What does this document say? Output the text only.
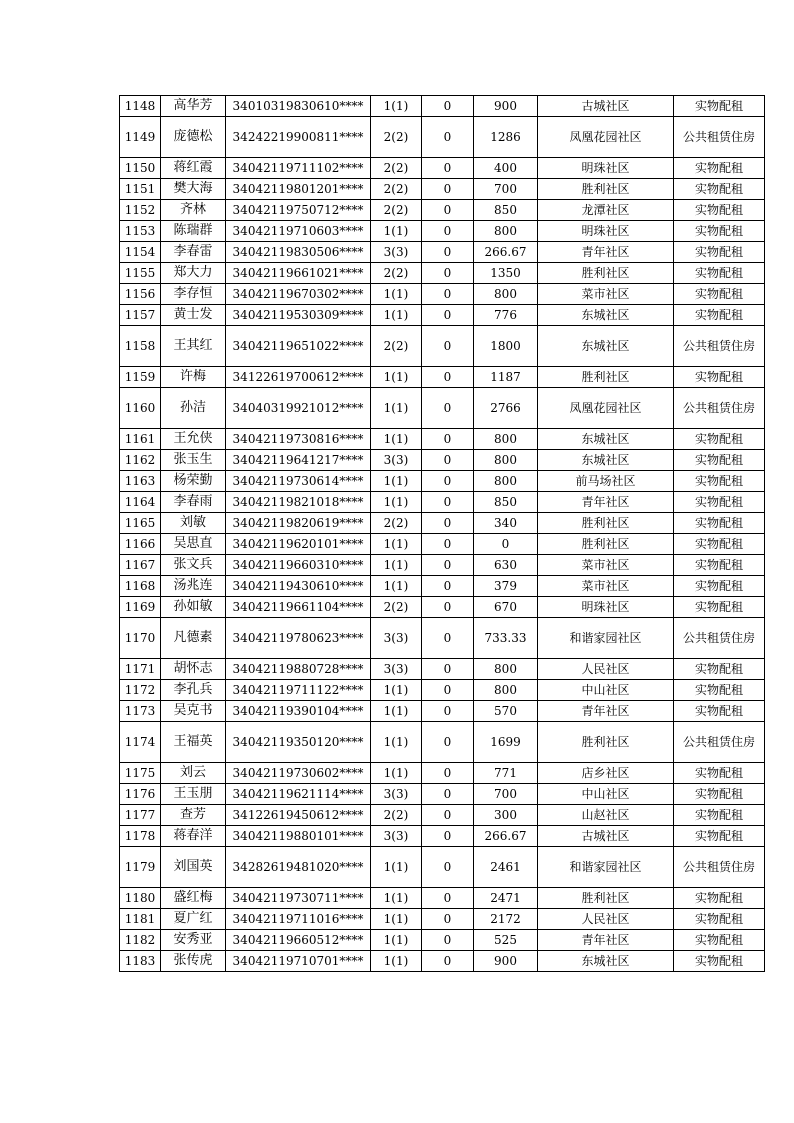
1148	高华芳	34010319830610****	1(1)	0	900	古城社区	实物配租
1149	庞德松	34242219900811****	2(2)	0	1286	凤凰花园社区	公共租赁住房
1150	蒋红霞	34042119711102****	2(2)	0	400	明珠社区	实物配租
1151	樊大海	34042119801201****	2(2)	0	700	胜利社区	实物配租
1152	齐林	34042119750712****	2(2)	0	850	龙潭社区	实物配租
1153	陈瑞群	34042119710603****	1(1)	0	800	明珠社区	实物配租
1154	李春雷	34042119830506****	3(3)	0	266.67	青年社区	实物配租
1155	郑大力	34042119661021****	2(2)	0	1350	胜利社区	实物配租
1156	李存恒	34042119670302****	1(1)	0	800	菜市社区	实物配租
1157	黄士发	34042119530309****	1(1)	0	776	东城社区	实物配租
1158	王其红	34042119651022****	2(2)	0	1800	东城社区	公共租赁住房
1159	许梅	34122619700612****	1(1)	0	1187	胜利社区	实物配租
1160	孙洁	34040319921012****	1(1)	0	2766	凤凰花园社区	公共租赁住房
1161	王允侠	34042119730816****	1(1)	0	800	东城社区	实物配租
1162	张玉生	34042119641217****	3(3)	0	800	东城社区	实物配租
1163	杨荣勤	34042119730614****	1(1)	0	800	前马场社区	实物配租
1164	李春雨	34042119821018****	1(1)	0	850	青年社区	实物配租
1165	刘敏	34042119820619****	2(2)	0	340	胜利社区	实物配租
1166	吴思直	34042119620101****	1(1)	0	0	胜利社区	实物配租
1167	张文兵	34042119660310****	1(1)	0	630	菜市社区	实物配租
1168	汤兆连	34042119430610****	1(1)	0	379	菜市社区	实物配租
1169	孙如敏	34042119661104****	2(2)	0	670	明珠社区	实物配租
1170	凡德素	34042119780623****	3(3)	0	733.33	和谐家园社区	公共租赁住房
1171	胡怀志	34042119880728****	3(3)	0	800	人民社区	实物配租
1172	李孔兵	34042119711122****	1(1)	0	800	中山社区	实物配租
1173	吴克书	34042119390104****	1(1)	0	570	青年社区	实物配租
1174	王福英	34042119350120****	1(1)	0	1699	胜利社区	公共租赁住房
1175	刘云	34042119730602****	1(1)	0	771	店乡社区	实物配租
1176	王玉朋	34042119621114****	3(3)	0	700	中山社区	实物配租
1177	查芳	34122619450612****	2(2)	0	300	山赵社区	实物配租
1178	蒋春洋	34042119880101****	3(3)	0	266.67	古城社区	实物配租
1179	刘国英	34282619481020****	1(1)	0	2461	和谐家园社区	公共租赁住房
1180	盛红梅	34042119730711****	1(1)	0	2471	胜利社区	实物配租
1181	夏广红	34042119711016****	1(1)	0	2172	人民社区	实物配租
1182	安秀亚	34042119660512****	1(1)	0	525	青年社区	实物配租
1183	张传虎	34042119710701****	1(1)	0	900	东城社区	实物配租
